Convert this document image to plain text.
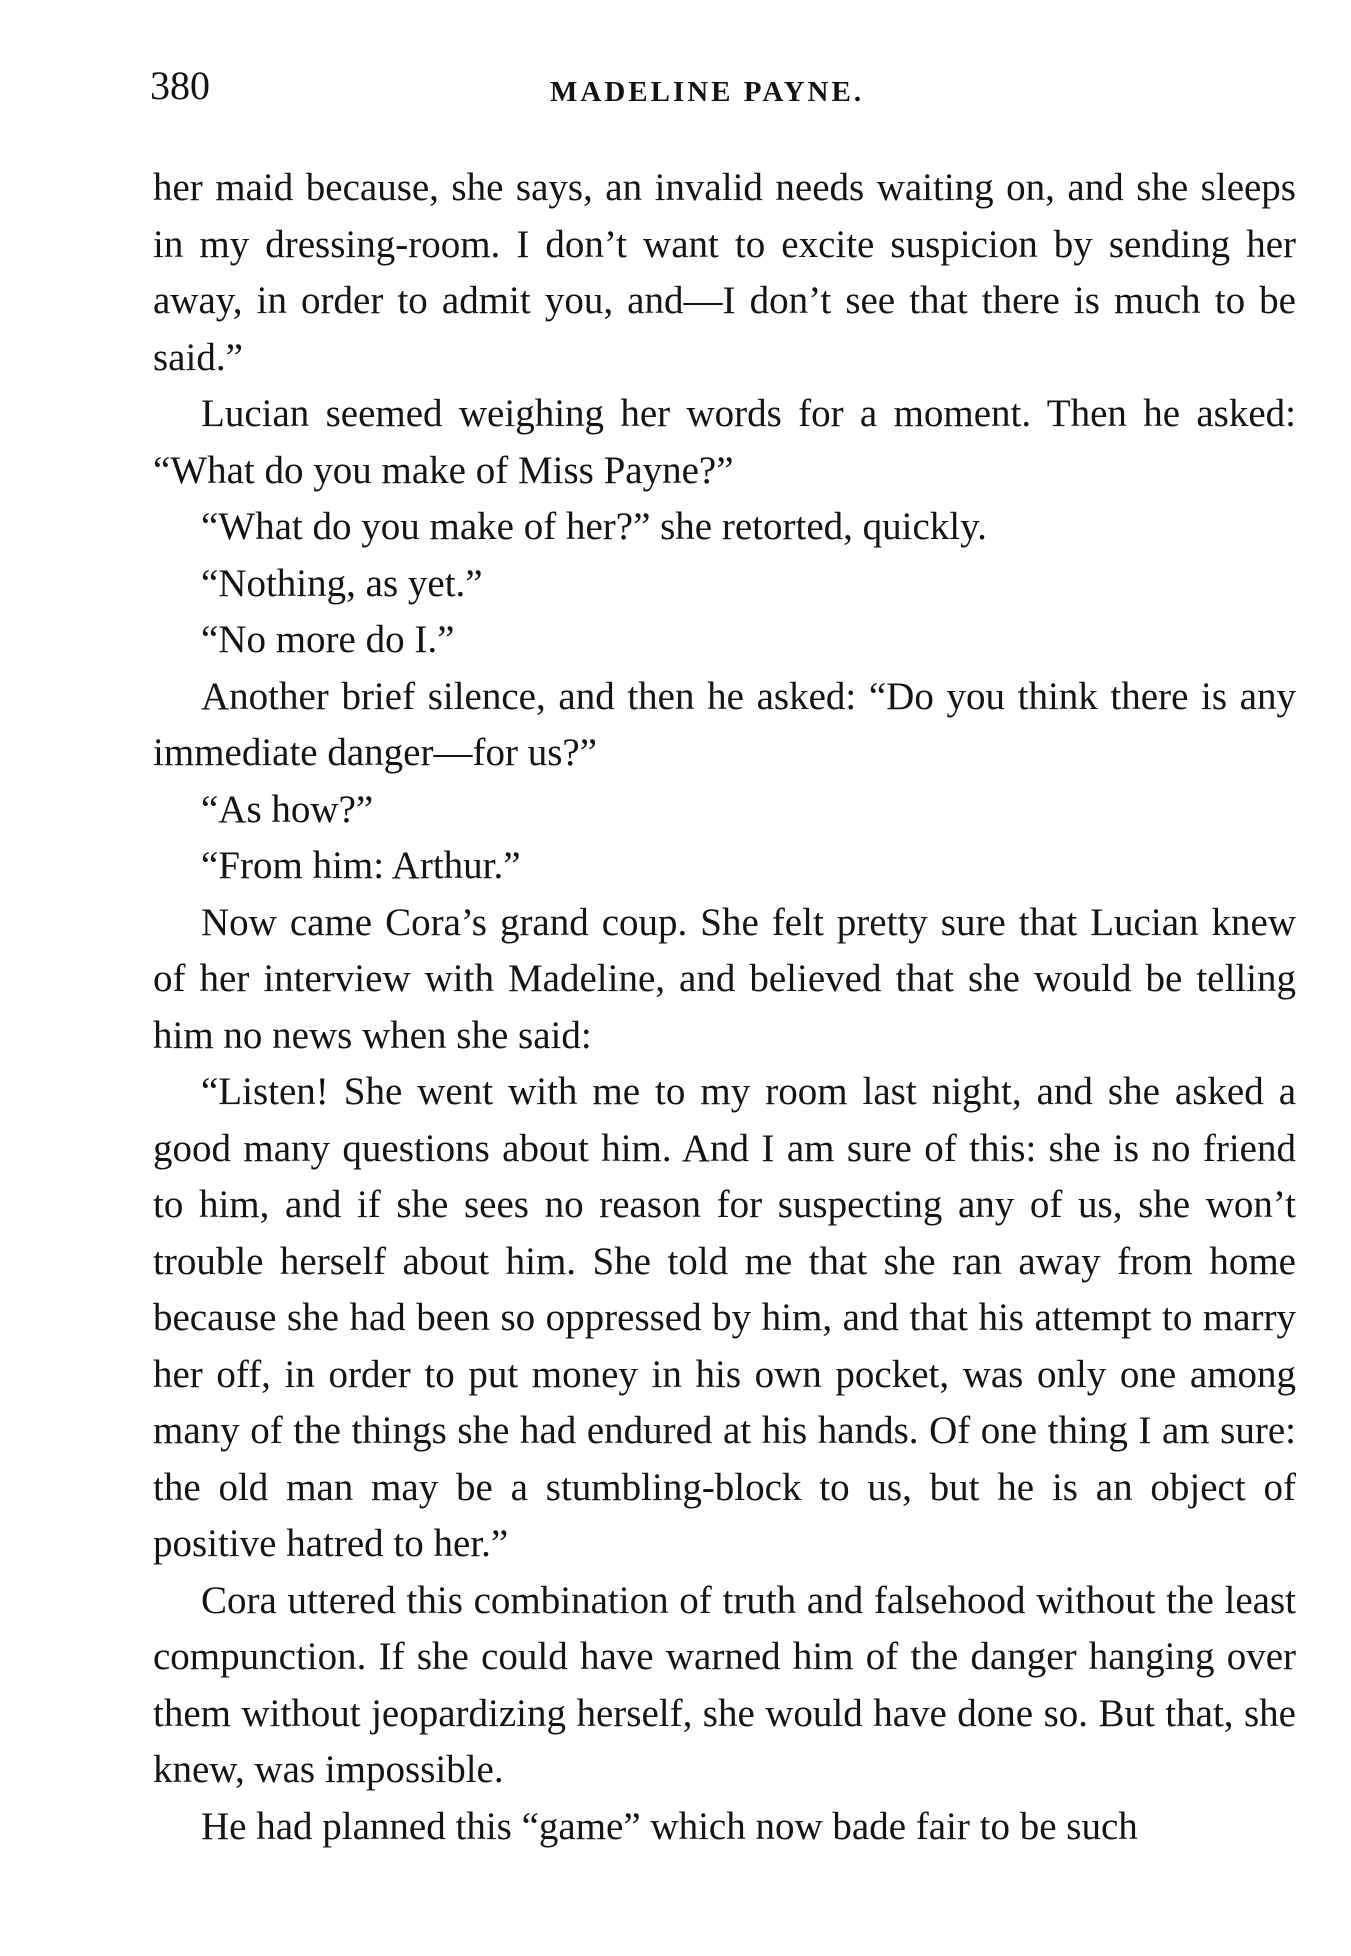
380	MADELINE PAYNE.

her maid because, she says, an invalid needs waiting on, and she sleeps in my dressing-room. I don’t want to excite suspicion by sending her away, in order to admit you, and—I don’t see that there is much to be said.”

Lucian seemed weighing her words for a moment. Then he asked: “What do you make of Miss Payne?”

“What do you make of her?” she retorted, quickly.

“Nothing, as yet.”

“No more do I.”

Another brief silence, and then he asked: “Do you think there is any immediate danger—for us?”

“As how?”

“From him: Arthur.”

Now came Cora’s grand coup. She felt pretty sure that Lucian knew of her interview with Madeline, and believed that she would be telling him no news when she said:

“Listen! She went with me to my room last night, and she asked a good many questions about him. And I am sure of this: she is no friend to him, and if she sees no reason for suspecting any of us, she won’t trouble herself about him. She told me that she ran away from home because she had been so oppressed by him, and that his attempt to marry her off, in order to put money in his own pocket, was only one among many of the things she had endured at his hands. Of one thing I am sure: the old man may be a stumbling-block to us, but he is an object of positive hatred to her.”

Cora uttered this combination of truth and falsehood without the least compunction. If she could have warned him of the danger hanging over them without jeopardizing herself, she would have done so. But that, she knew, was impossible.

He had planned this “game” which now bade fair to be such
